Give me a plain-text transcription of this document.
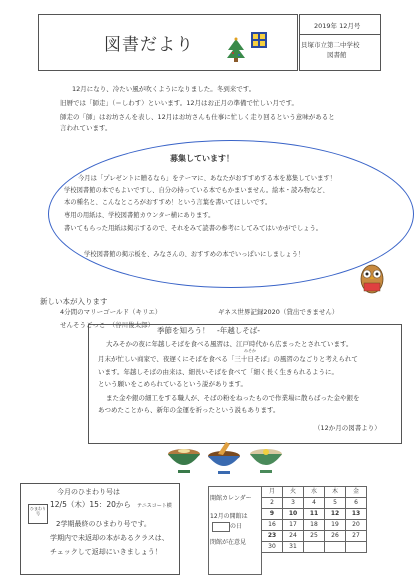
図書だより
2019年 12月号
貝塚市立第二中学校
図書館
12月になり、冷たい風が吹くようになりました。冬到来です。
旧暦では「師走」（＝しわす）といいます。12月はお正月の準備で忙しい月です。
師走の「師」はお坊さんを表し、12月はお坊さんも仕事に忙しく走り回るという意味があると
言われています。
募集しています！
今月は「プレゼントに贈るなら」をテーマに、あなたがおすすめする本を募集しています！
学校図書館の本でもよいですし、自分の持っている本でもかまいません。絵本・読み物など、
本の種名と、こんなところがおすすめ！という言葉を書いてほしいです。
専用の用紙は、学校図書館カウンター横にあります。
書いてもらった用紙は掲示するので、それをみて読書の参考にしてみてはいかがでしょう。
学校図書館の掲示板を、みなさんの、おすすめの本でいっぱいにしましょう！
新しい本が入ります
4分間のマリーゴールド（キリエ）	ギネス世界記録2020（貸出できません）
せんそうごっこ　（谷川俊太郎）
季節を知ろう！　-年越しそば-
大みそかの夜に年越しそばを食べる風習は、江戸時代から広まったとされています。
みそか
月末が忙しい商家で、夜遅くにそばを食べる「三十日そば」の風習のなごりと考えられて
います。年越しそばの由来は、細長いそばを食べて「細く長く生きられるように。
という願いをこめられているという説があります。
また金や銀の細工をする職人が、そばの粉をねったもので作業場に散らばった金や銀を
あつめたことから、新年の金運を祈ったという説もあります。
（12か月の図書より）
今月のひまわり号は
ひまわり号
12/5（木）15：20から テニスコート横
2学期最終のひまわり号です。
学期内で未返却の本があるクラスは、
チェックして返却にいきましょう！
開館カレンダー
12月の開館は
の日
閉館が在意見
月	火	水	木	金
2	3	4	5	6
9	10	11	12	13
16	17	18	19	20
23	24	25	26	27
30	31			
